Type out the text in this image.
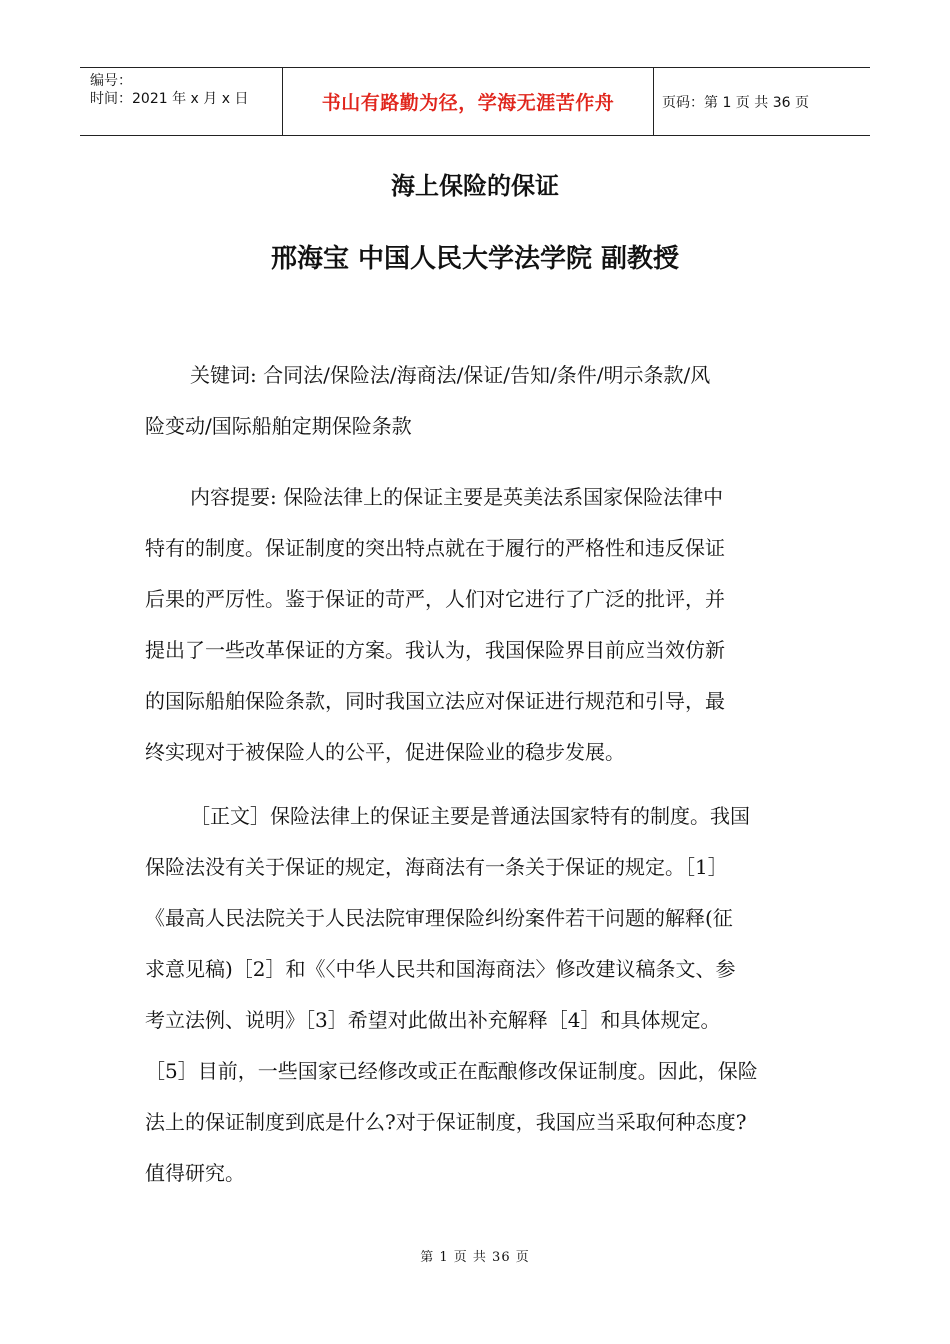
编号：
时间：2021 年 x 月 x 日	书山有路勤为径，学海无涯苦作舟	页码：第 1 页 共 36 页
海上保险的保证
邢海宝 中国人民大学法学院 副教授
关键词: 合同法/保险法/海商法/保证/告知/条件/明示条款/风
险变动/国际船舶定期保险条款
内容提要: 保险法律上的保证主要是英美法系国家保险法律中
特有的制度。保证制度的突出特点就在于履行的严格性和违反保证
后果的严厉性。鉴于保证的苛严，人们对它进行了广泛的批评，并
提出了一些改革保证的方案。我认为，我国保险界目前应当效仿新
的国际船舶保险条款，同时我国立法应对保证进行规范和引导，最
终实现对于被保险人的公平，促进保险业的稳步发展。
［正文］保险法律上的保证主要是普通法国家特有的制度。我国
保险法没有关于保证的规定，海商法有一条关于保证的规定。［1］
《最高人民法院关于人民法院审理保险纠纷案件若干问题的解释(征
求意见稿)［2］和《〈中华人民共和国海商法〉修改建议稿条文、参
考立法例、说明》［3］希望对此做出补充解释［4］和具体规定。
［5］目前，一些国家已经修改或正在酝酿修改保证制度。因此，保险
法上的保证制度到底是什么?对于保证制度，我国应当采取何种态度?
值得研究。
第 1 页 共 36 页
